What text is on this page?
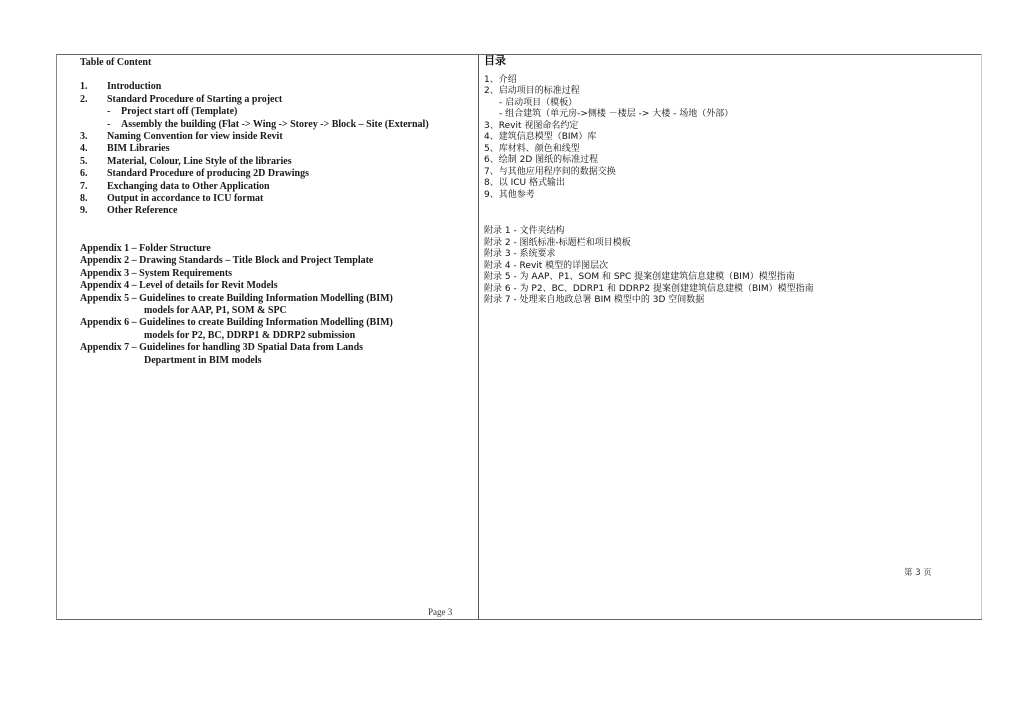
Table of Content
1.	Introduction
2.	Standard Procedure of Starting a project
-	Project start off (Template)
-	Assembly the building (Flat -> Wing -> Storey -> Block – Site (External)
3.	Naming Convention for view inside Revit
4.	BIM Libraries
5.	Material, Colour, Line Style of the libraries
6.	Standard Procedure of producing 2D Drawings
7.	Exchanging data to Other Application
8.	Output in accordance to ICU format
9.	Other Reference
Appendix 1 – Folder Structure
Appendix 2 – Drawing Standards – Title Block and Project Template
Appendix 3 – System Requirements
Appendix 4 – Level of details for Revit Models
Appendix 5 – Guidelines to create Building Information Modelling (BIM)
models for AAP, P1, SOM & SPC
Appendix 6 – Guidelines to create Building Information Modelling (BIM)
models for P2, BC, DDRP1 & DDRP2 submission
Appendix 7 – Guidelines for handling 3D Spatial Data from Lands
Department in BIM models
Page 3
目录
1、介绍
2、启动项目的标准过程
- 启动项目（模板）
- 组合建筑（单元房->侧楼 －楼层 -> 大楼 - 场地（外部）
3、Revit 视图命名约定
4、建筑信息模型（BIM）库
5、库材料、颜色和线型
6、绘制 2D 图纸的标准过程
7、与其他应用程序间的数据交换
8、以 ICU 格式输出
9、其他参考
附录 1 - 文件夹结构
附录 2 - 图纸标准-标题栏和项目模板
附录 3 - 系统要求
附录 4 - Revit 模型的详图层次
附录 5 - 为 AAP、P1、SOM 和 SPC 提案创建建筑信息建模（BIM）模型指南
附录 6 - 为 P2、BC、DDRP1 和 DDRP2 提案创建建筑信息建模（BIM）模型指南
附录 7 - 处理来自地政总署 BIM 模型中的 3D 空间数据
第 3 页
